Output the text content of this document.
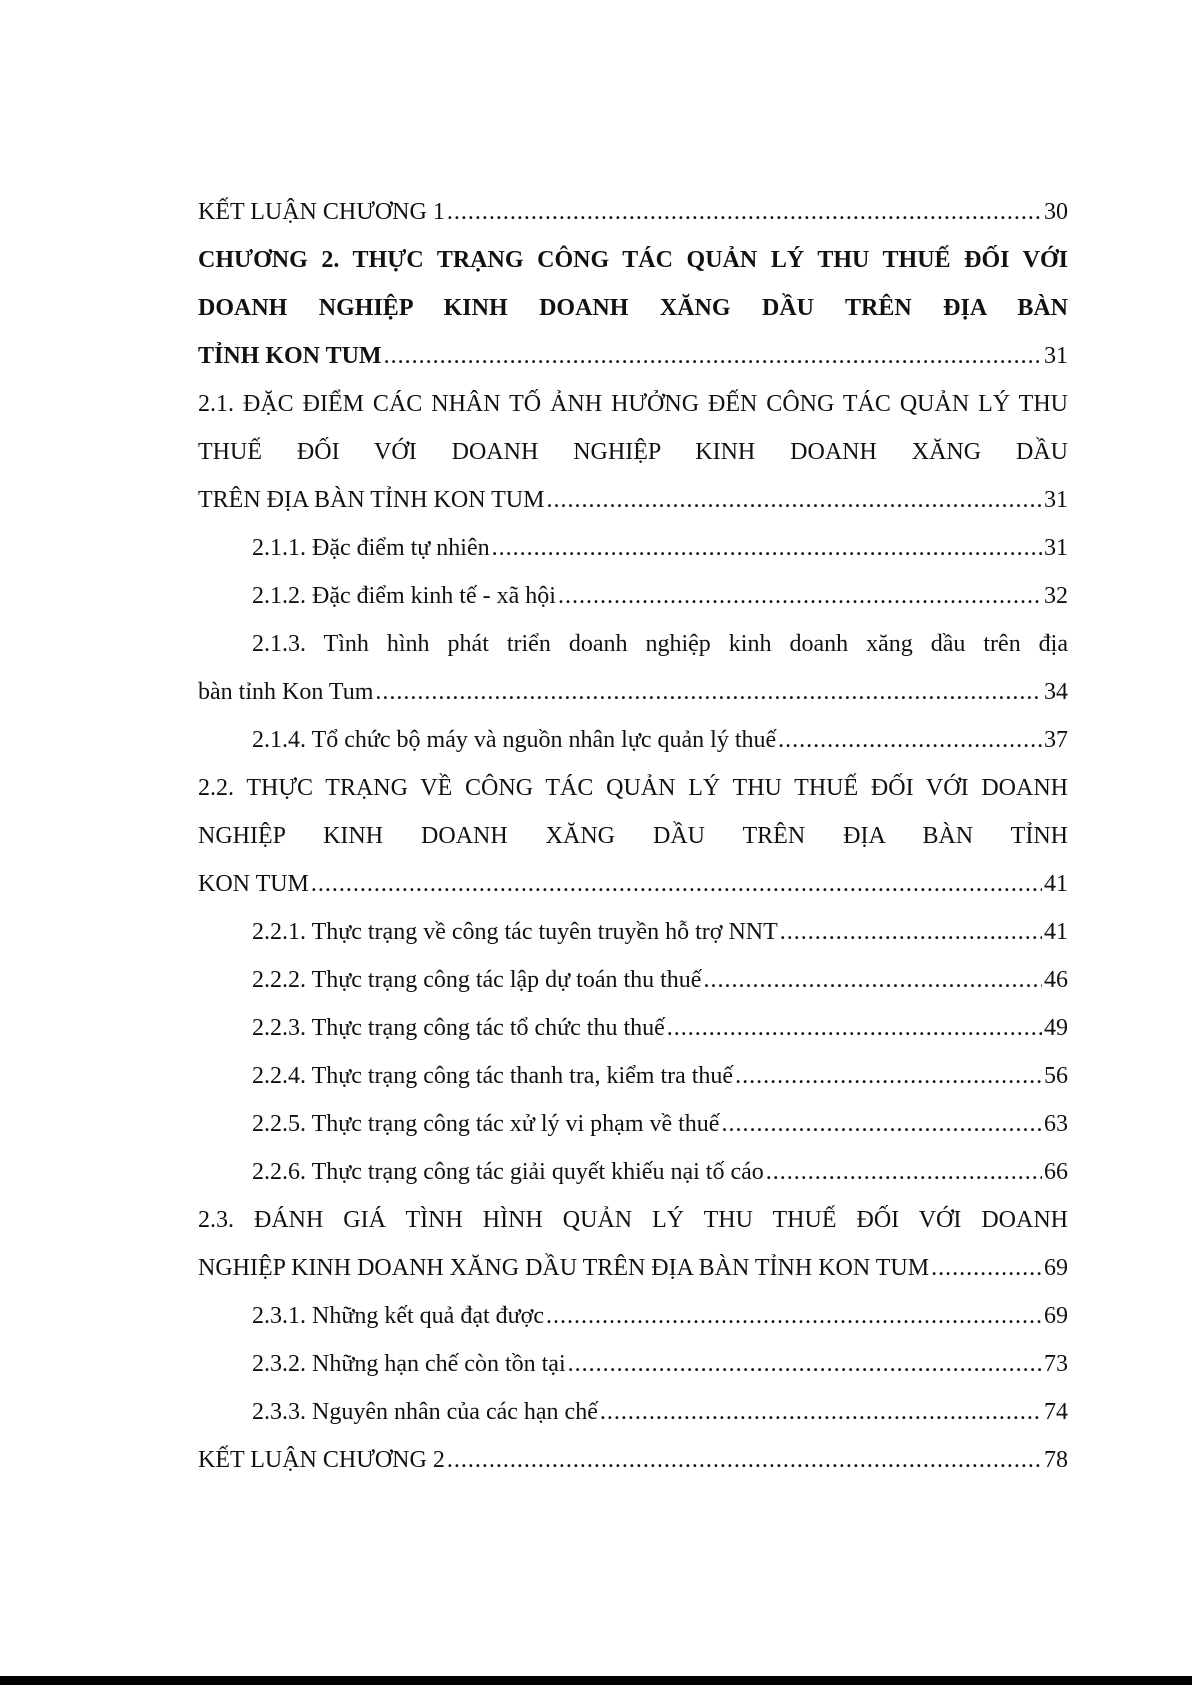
KẾT LUẬN CHƯƠNG 1 .....	30
CHƯƠNG 2. THỰC TRẠNG CÔNG TÁC QUẢN LÝ THU THUẾ ĐỐI VỚI DOANH NGHIỆP KINH DOANH XĂNG DẦU TRÊN ĐỊA BÀN
TỈNH KON TUM .....	31
2.1. ĐẶC ĐIỂM CÁC NHÂN TỐ ẢNH HƯỞNG ĐẾN CÔNG TÁC QUẢN LÝ THU THUẾ ĐỐI VỚI DOANH NGHIỆP KINH DOANH XĂNG DẦU
TRÊN ĐỊA BÀN TỈNH KON TUM .....	31
2.1.1. Đặc điểm tự nhiên .....	31
2.1.2. Đặc điểm kinh tế - xã hội .....	32
2.1.3. Tình hình phát triển doanh nghiệp kinh doanh xăng dầu trên địa
bàn tỉnh Kon Tum .....	34
2.1.4. Tổ chức bộ máy và nguồn nhân lực quản lý thuế .....	37
2.2. THỰC TRẠNG VỀ CÔNG TÁC QUẢN LÝ THU THUẾ ĐỐI VỚI DOANH NGHIỆP KINH DOANH XĂNG DẦU TRÊN ĐỊA BÀN TỈNH
KON TUM .....	41
2.2.1. Thực trạng về công tác tuyên truyền hỗ trợ NNT .....	41
2.2.2. Thực trạng công tác lập dự toán thu thuế .....	46
2.2.3. Thực trạng công tác tổ chức thu thuế .....	49
2.2.4. Thực trạng công tác thanh tra, kiểm tra thuế .....	56
2.2.5. Thực trạng công tác xử lý vi phạm về thuế .....	63
2.2.6. Thực trạng công tác giải quyết khiếu nại tố cáo .....	66
2.3. ĐÁNH GIÁ TÌNH HÌNH QUẢN LÝ THU THUẾ ĐỐI VỚI DOANH
NGHIỆP KINH DOANH XĂNG DẦU TRÊN ĐỊA BÀN TỈNH KON TUM .....	69
2.3.1. Những kết quả đạt được .....	69
2.3.2. Những hạn chế còn tồn tại .....	73
2.3.3. Nguyên nhân của các hạn chế .....	74
KẾT LUẬN CHƯƠNG 2 .....	78
